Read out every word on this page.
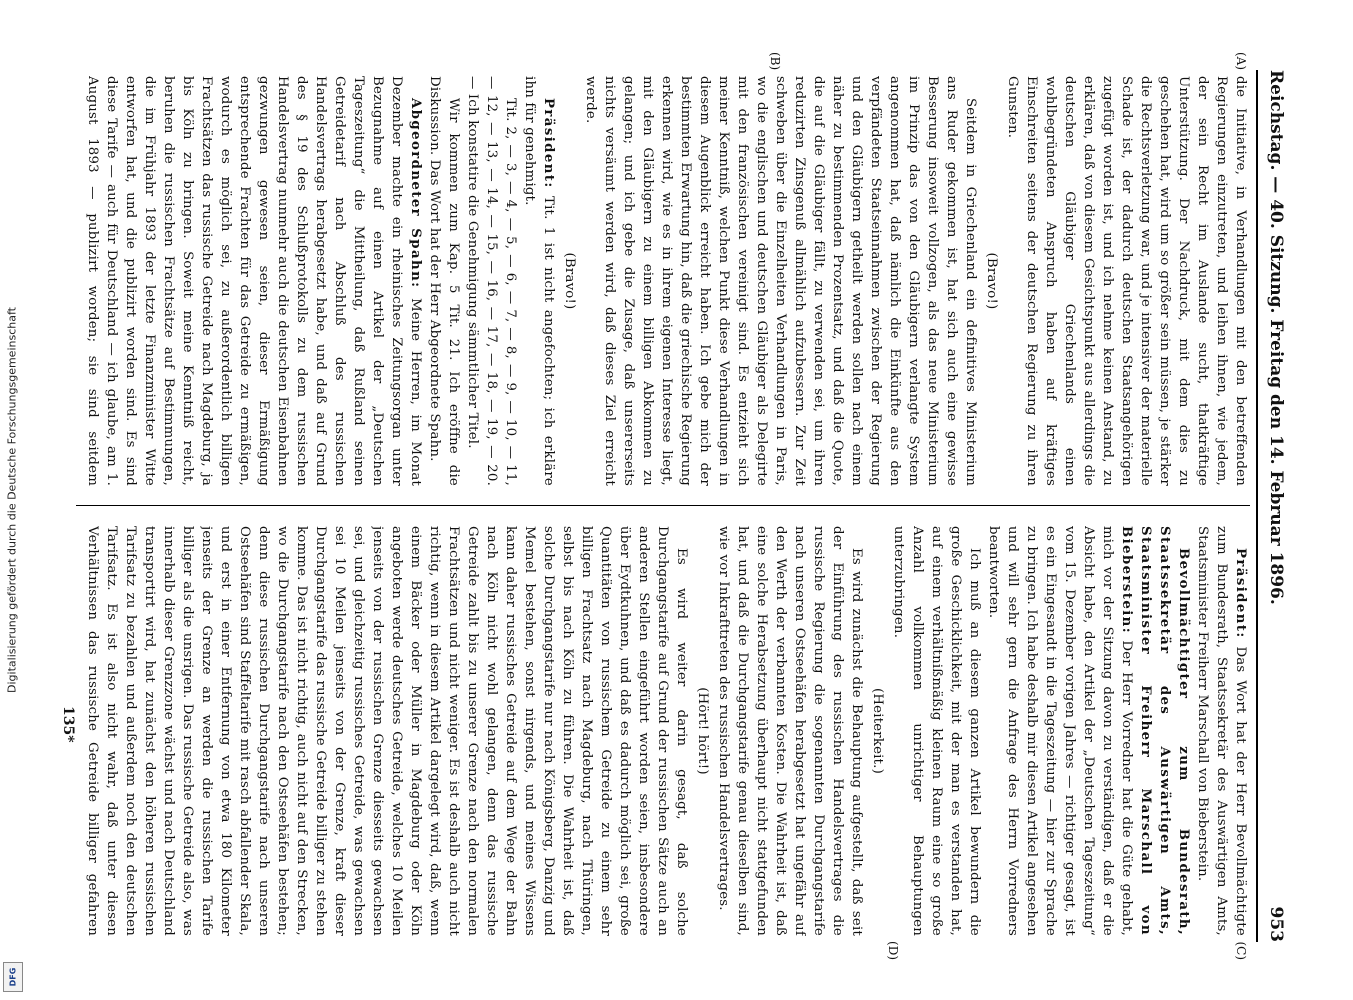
Digitalisierung gefördert durch die Deutsche Forschungsgemeinschaft
DFG
Reichstag. — 40. Sitzung. Freitag den 14. Februar 1896.
953
(A)
(B)
(C)
(D)

die Initiative, in Verhandlungen mit den betreffenden Regierungen einzutreten, und leihen ihnen, wie jedem, der sein Recht im Auslande sucht, thatkräftige Unterstützung. Der Nachdruck, mit dem dies zu geschehen hat, wird um so größer sein müssen, je stärker die Rechtsverletzung war, und je intensiver der materielle Schade ist, der dadurch deutschen Staatsangehörigen zugefügt worden ist, und ich nehme keinen Anstand, zu erklären, daß von diesem Gesichtspunkt aus allerdings die deutschen Gläubiger Griechenlands einen wohlbegründeten Anspruch haben auf kräftiges Einschreiten seitens der deutschen Regierung zu ihren Gunsten.

(Bravo!)

Seitdem in Griechenland ein definitives Ministerium ans Ruder gekommen ist, hat sich auch eine gewisse Besserung insoweit vollzogen, als das neue Ministerium im Prinzip das von den Gläubigern verlangte System angenommen hat, daß nämlich die Einkünfte aus den verpfändeten Staatseinnahmen zwischen der Regierung und den Gläubigern getheilt werden sollen nach einem näher zu bestimmenden Prozentsatz, und daß die Quote, die auf die Gläubiger fällt, zu verwenden sei, um ihren reduzirten Zinsgenuß allmählich aufzubessern. Zur Zeit schweben über die Einzelheiten Verhandlungen in Paris, wo die englischen und deutschen Gläubiger als Delegirte mit den französischen vereinigt sind. Es entzieht sich meiner Kenntniß, welchen Punkt diese Verhandlungen in diesem Augenblick erreicht haben. Ich gebe mich der bestimmten Erwartung hin, daß die griechische Regierung erkennen wird, wie es in ihrem eigenen Interesse liegt, mit den Gläubigern zu einem billigen Abkommen zu gelangen; und ich gebe die Zusage, daß unsererseits nichts versäumt werden wird, daß dieses Ziel erreicht werde.

(Bravo!)

Präsident: Tit. 1 ist nicht angefochten; ich erkläre ihn für genehmigt.

Tit. 2, — 3, — 4, — 5, — 6, — 7, — 8, — 9, — 10, — 11, — 12, — 13, — 14, — 15, — 16, — 17, — 18, — 19, — 20. — Ich konstatire die Genehmigung sämmtlicher Titel.

Wir kommen zum Kap. 5 Tit. 21. Ich eröffne die Diskussion. Das Wort hat der Herr Abgeordnete Spahn.

Abgeordneter Spahn: Meine Herren, im Monat Dezember machte ein rheinisches Zeitungsorgan unter Bezugnahme auf einen Artikel der „Deutschen Tageszeitung“ die Mittheilung, daß Rußland seinen Getreidetarif nach Abschluß des russischen Handelsvertrags herabgesetzt habe, und daß auf Grund des § 19 des Schlußprotokolls zu dem russischen Handelsvertrag nunmehr auch die deutschen Eisenbahnen gezwungen gewesen seien, dieser Ermäßigung entsprechende Frachten für das Getreide zu ermäßigen, wodurch es möglich sei, zu außerordentlich billigen Frachtsätzen das russische Getreide nach Magdeburg, ja bis Köln zu bringen. Soweit meine Kenntniß reicht, beruhen die russischen Frachtsätze auf Bestimmungen, die im Frühjahr 1893 der letzte Finanzminister Witte entworfen hat, und die publizirt worden sind. Es sind diese Tarife — auch für Deutschland — ich glaube, am 1. August 1893 — publizirt worden; sie sind seitdem

Präsident: Das Wort hat der Herr Bevollmächtigte zum Bundesrath, Staatssekretär des Auswärtigen Amts, Staatsminister Freiherr Marschall von Bieberstein.

Bevollmächtigter zum Bundesrath, Staatssekretär des Auswärtigen Amts, Staatsminister Freiherr Marschall von Bieberstein: Der Herr Vorredner hat die Güte gehabt, mich vor der Sitzung davon zu verständigen, daß er die Absicht habe, den Artikel der „Deutschen Tageszeitung“ vom 15. Dezember vorigen Jahres — richtiger gesagt, ist es ein Eingesandt in die Tageszeitung — hier zur Sprache zu bringen. Ich habe deshalb mir diesen Artikel angesehen und will sehr gern die Anfrage des Herrn Vorredners beantworten.

Ich muß an diesem ganzen Artikel bewundern die große Geschicklichkeit, mit der man es verstanden hat, auf einem verhältnißmäßig kleinen Raum eine so große Anzahl vollkommen unrichtiger Behauptungen unterzubringen.

(Heiterkeit.)

Es wird zunächst die Behauptung aufgestellt, daß seit der Einführung des russischen Handelsvertrages die russische Regierung die sogenannten Durchgangstarife nach unseren Ostseehäfen herabgesetzt hat ungefähr auf den Werth der verbannten Kosten. Die Wahrheit ist, daß eine solche Herabsetzung überhaupt nicht stattgefunden hat, und daß die Durchgangstarife genau dieselben sind, wie vor Inkrafttreten des russischen Handelsvertrages.

(Hört! hört!)

Es wird weiter darin gesagt, daß solche Durchgangstarife auf Grund der russischen Sätze auch an anderen Stellen eingeführt worden seien, insbesondere über Eydtkuhnen, und daß es dadurch möglich sei, große Quantitäten von russischem Getreide zu einem sehr billigen Frachtsatz nach Magdeburg, nach Thüringen, selbst bis nach Köln zu führen. Die Wahrheit ist, daß solche Durchgangstarife nur nach Königsberg, Danzig und Memel bestehen, sonst nirgends, und meines Wissens kann daher russisches Getreide auf dem Wege der Bahn nach Köln nicht wohl gelangen, denn das russische Getreide zahlt bis zu unserer Grenze nach den normalen Frachtsätzen und nicht weniger. Es ist deshalb auch nicht richtig, wenn in diesem Artikel dargelegt wird, daß, wenn einem Bäcker oder Müller in Magdeburg oder Köln angeboten werde deutsches Getreide, welches 10 Meilen jenseits von der russischen Grenze diesseits gewachsen sei, und gleichzeitig russisches Getreide, was gewachsen sei 10 Meilen jenseits von der Grenze, kraft dieser Durchgangstarife das russische Getreide billiger zu stehen komme. Das ist nicht richtig, auch nicht auf den Strecken, wo die Durchgangstarife nach den Ostseehäfen bestehen; denn diese russischen Durchgangstarife nach unseren Ostseehäfen sind Staffeltarife mit rasch abfallender Skala, und erst in einer Entfernung von etwa 180 Kilometer jenseits der Grenze an werden die russischen Tarife billiger als die unsrigen. Das russische Getreide also, was innerhalb dieser Grenzzone wächst und nach Deutschland transportirt wird, hat zunächst den höheren russischen Tarifsatz zu bezahlen und außerdem noch den deutschen Tarifsatz. Es ist also nicht wahr, daß unter diesen Verhältnissen das russische Getreide billiger gefahren

135*
